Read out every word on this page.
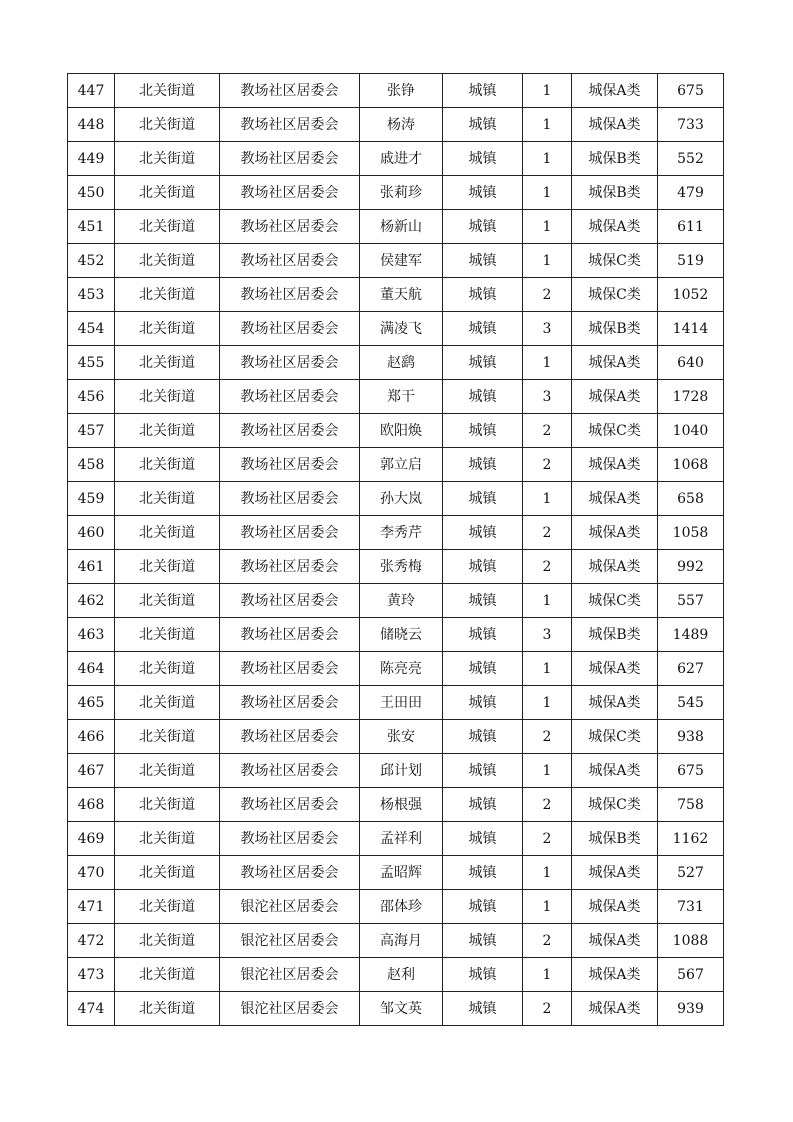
447	北关街道	教场社区居委会	张铮	城镇	1	城保A类	675
448	北关街道	教场社区居委会	杨涛	城镇	1	城保A类	733
449	北关街道	教场社区居委会	戚进才	城镇	1	城保B类	552
450	北关街道	教场社区居委会	张莉珍	城镇	1	城保B类	479
451	北关街道	教场社区居委会	杨新山	城镇	1	城保A类	611
452	北关街道	教场社区居委会	侯建军	城镇	1	城保C类	519
453	北关街道	教场社区居委会	董天航	城镇	2	城保C类	1052
454	北关街道	教场社区居委会	满凌飞	城镇	3	城保B类	1414
455	北关街道	教场社区居委会	赵鹞	城镇	1	城保A类	640
456	北关街道	教场社区居委会	郑干	城镇	3	城保A类	1728
457	北关街道	教场社区居委会	欧阳焕	城镇	2	城保C类	1040
458	北关街道	教场社区居委会	郭立启	城镇	2	城保A类	1068
459	北关街道	教场社区居委会	孙大岚	城镇	1	城保A类	658
460	北关街道	教场社区居委会	李秀芹	城镇	2	城保A类	1058
461	北关街道	教场社区居委会	张秀梅	城镇	2	城保A类	992
462	北关街道	教场社区居委会	黄玲	城镇	1	城保C类	557
463	北关街道	教场社区居委会	储晓云	城镇	3	城保B类	1489
464	北关街道	教场社区居委会	陈亮亮	城镇	1	城保A类	627
465	北关街道	教场社区居委会	王田田	城镇	1	城保A类	545
466	北关街道	教场社区居委会	张安	城镇	2	城保C类	938
467	北关街道	教场社区居委会	邱计划	城镇	1	城保A类	675
468	北关街道	教场社区居委会	杨根强	城镇	2	城保C类	758
469	北关街道	教场社区居委会	孟祥利	城镇	2	城保B类	1162
470	北关街道	教场社区居委会	孟昭辉	城镇	1	城保A类	527
471	北关街道	银沱社区居委会	邵体珍	城镇	1	城保A类	731
472	北关街道	银沱社区居委会	高海月	城镇	2	城保A类	1088
473	北关街道	银沱社区居委会	赵利	城镇	1	城保A类	567
474	北关街道	银沱社区居委会	邹文英	城镇	2	城保A类	939
